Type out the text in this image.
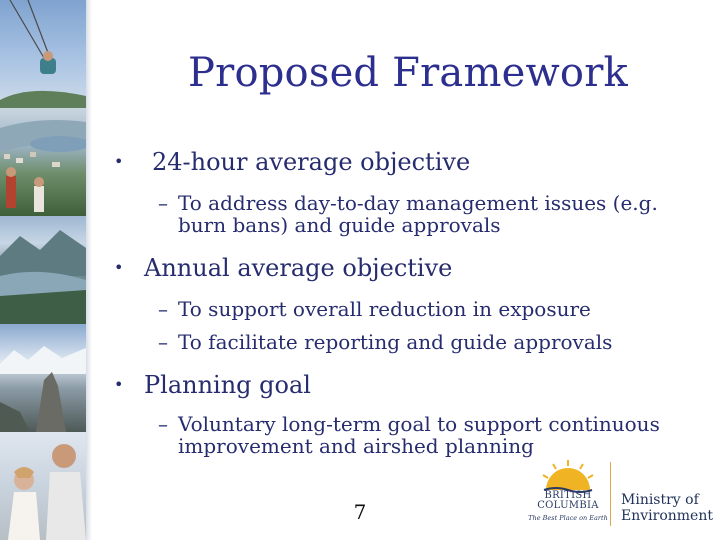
Proposed Framework
• 24-hour average objective
– To address day-to-day management issues (e.g. burn bans) and guide approvals
• Annual average objective
– To support overall reduction in exposure
– To facilitate reporting and guide approvals
• Planning goal
– Voluntary long-term goal to support continuous improvement and airshed planning
7
BRITISH
COLUMBIA
The Best Place on Earth
Ministry of
Environment
